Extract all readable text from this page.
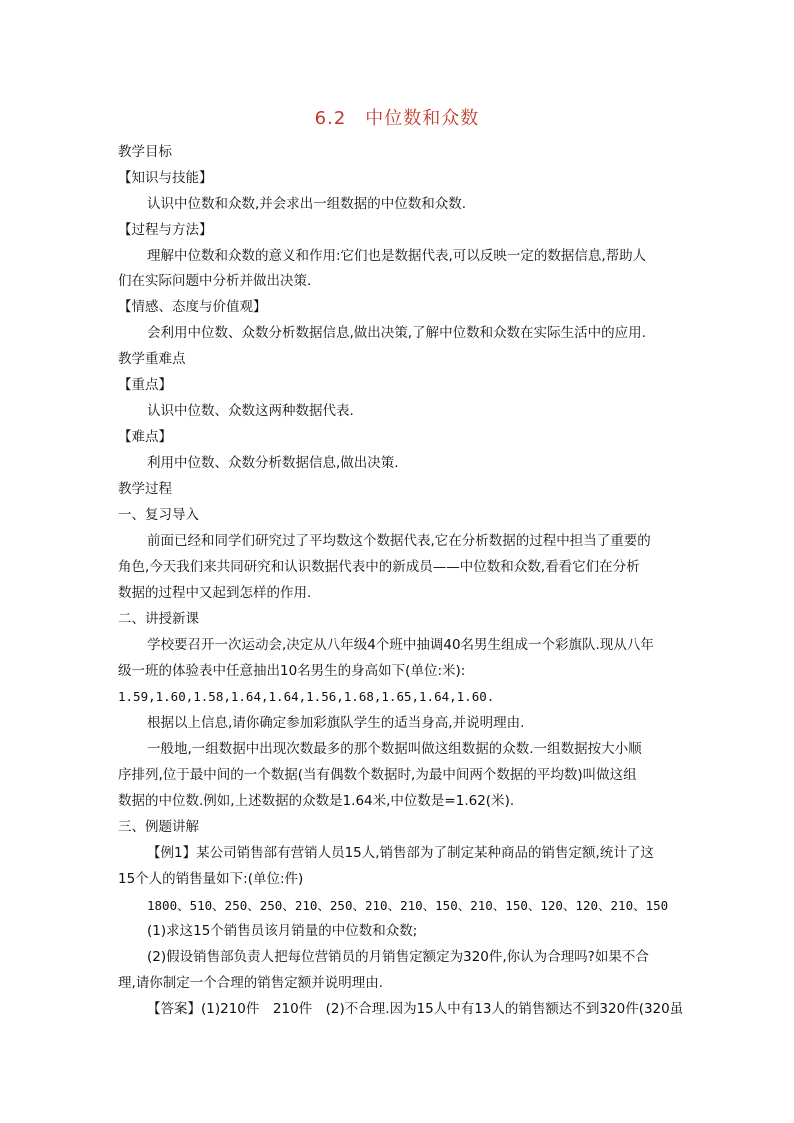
6.2　中位数和众数
教学目标
【知识与技能】
认识中位数和众数,并会求出一组数据的中位数和众数.
【过程与方法】
理解中位数和众数的意义和作用:它们也是数据代表,可以反映一定的数据信息,帮助人
们在实际问题中分析并做出决策.
【情感、态度与价值观】
会利用中位数、众数分析数据信息,做出决策,了解中位数和众数在实际生活中的应用.
教学重难点
【重点】
认识中位数、众数这两种数据代表.
【难点】
利用中位数、众数分析数据信息,做出决策.
教学过程
一、复习导入
前面已经和同学们研究过了平均数这个数据代表,它在分析数据的过程中担当了重要的
角色,今天我们来共同研究和认识数据代表中的新成员——中位数和众数,看看它们在分析
数据的过程中又起到怎样的作用.
二、讲授新课
学校要召开一次运动会,决定从八年级4个班中抽调40名男生组成一个彩旗队.现从八年
级一班的体验表中任意抽出10名男生的身高如下(单位:米):
1.59,1.60,1.58,1.64,1.64,1.56,1.68,1.65,1.64,1.60.
根据以上信息,请你确定参加彩旗队学生的适当身高,并说明理由.
一般地,一组数据中出现次数最多的那个数据叫做这组数据的众数.一组数据按大小顺
序排列,位于最中间的一个数据(当有偶数个数据时,为最中间两个数据的平均数)叫做这组
数据的中位数.例如,上述数据的众数是1.64米,中位数是=1.62(米).
三、例题讲解
【例1】某公司销售部有营销人员15人,销售部为了制定某种商品的销售定额,统计了这
15个人的销售量如下:(单位:件)
1800、510、250、250、210、250、210、210、150、210、150、120、120、210、150
(1)求这15个销售员该月销量的中位数和众数;
(2)假设销售部负责人把每位营销员的月销售定额定为320件,你认为合理吗?如果不合
理,请你制定一个合理的销售定额并说明理由.
【答案】(1)210件　210件　(2)不合理.因为15人中有13人的销售额达不到320件(320虽
